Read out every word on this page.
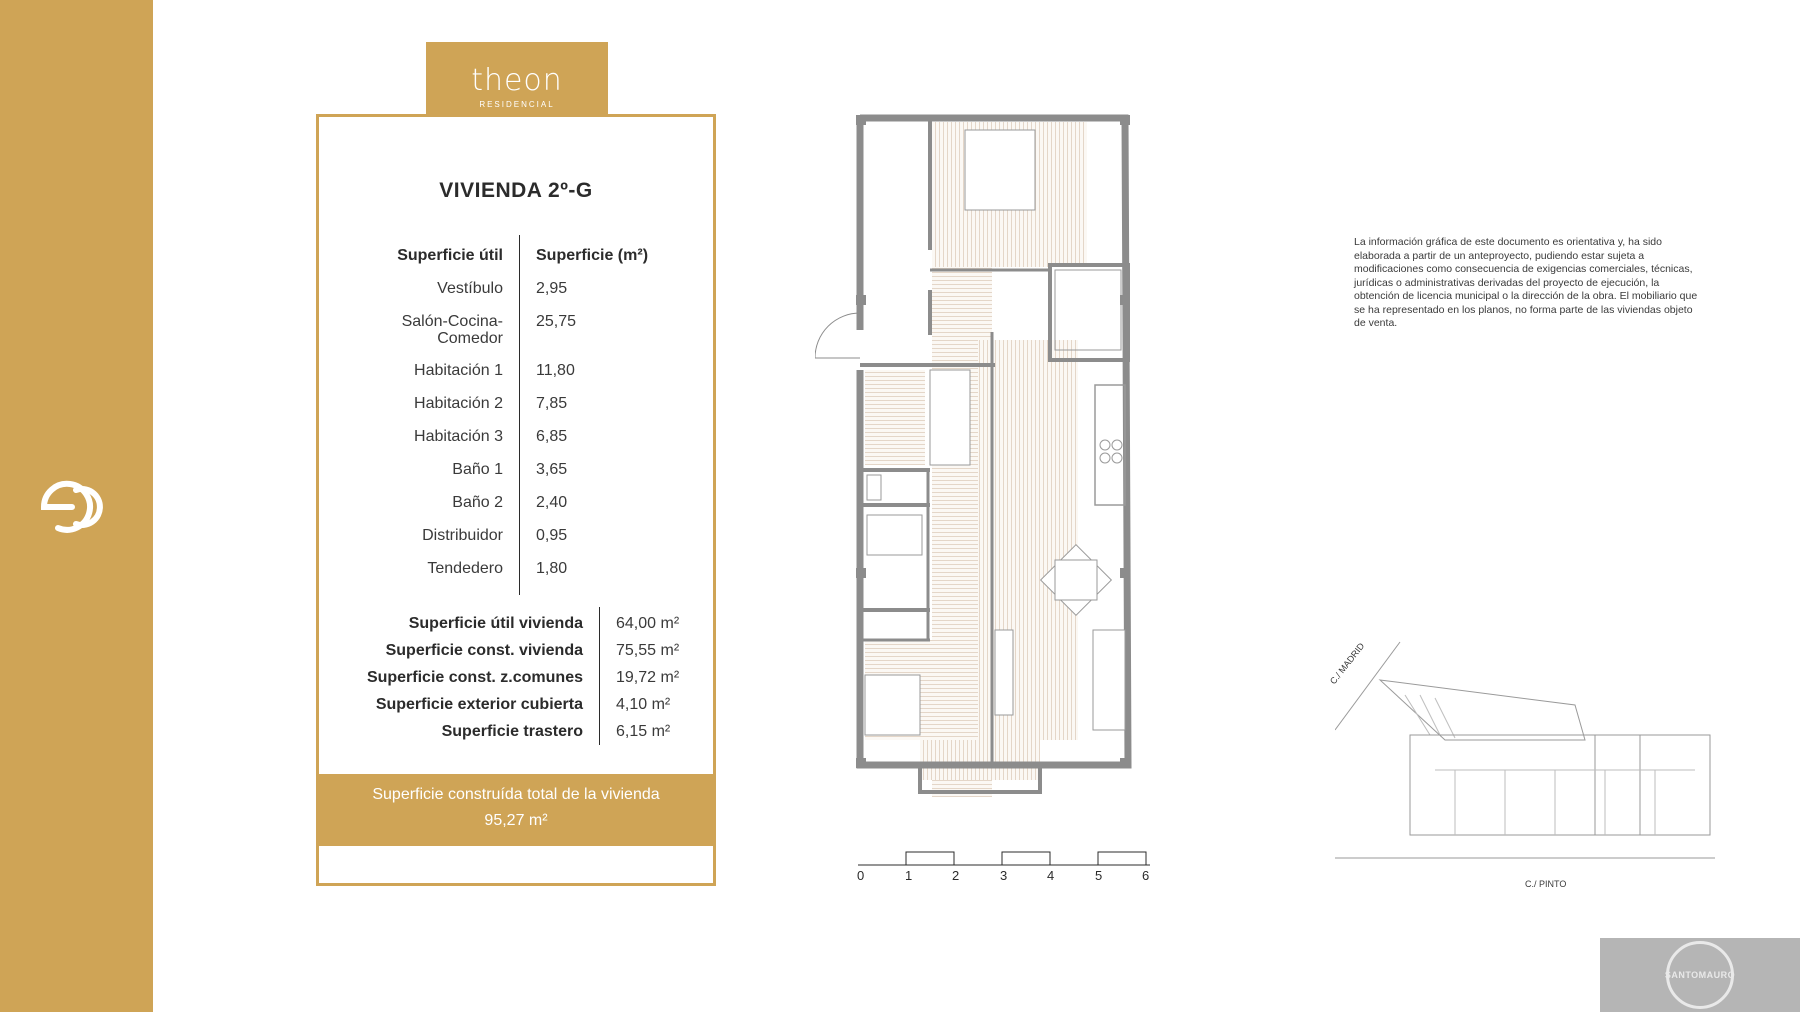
theon
RESIDENCIAL
VIVIENDA 2º-G
Superficie útil Superficie (m²)
Vestíbulo 2,95
Salón-Cocina-
Comedor
25,75
Habitación 1 11,80
Habitación 2 7,85
Habitación 3 6,85
Baño 1 3,65
Baño 2 2,40
Distribuidor 0,95
Tendedero 1,80
Superficie útil vivienda 64,00 m²
Superficie const. vivienda 75,55 m²
Superficie const. z.comunes 19,72 m²
Superficie exterior cubierta 4,10 m²
Superficie trastero 6,15 m²
Superficie construída total de la vivienda
95,27 m²
0	1	2	3	4	5	6
La información gráfica de este documento es orientativa y, ha sido elaborada a partir de un anteproyecto, pudiendo estar sujeta a modificaciones como consecuencia de exigencias comerciales, técnicas, jurídicas o administrativas derivadas del proyecto de ejecución, la obtención de licencia municipal o la dirección de la obra. El mobiliario que se ha representado en los planos, no forma parte de las viviendas objeto de venta.
C./ MADRID
C./ PINTO
SANTOMAURO
